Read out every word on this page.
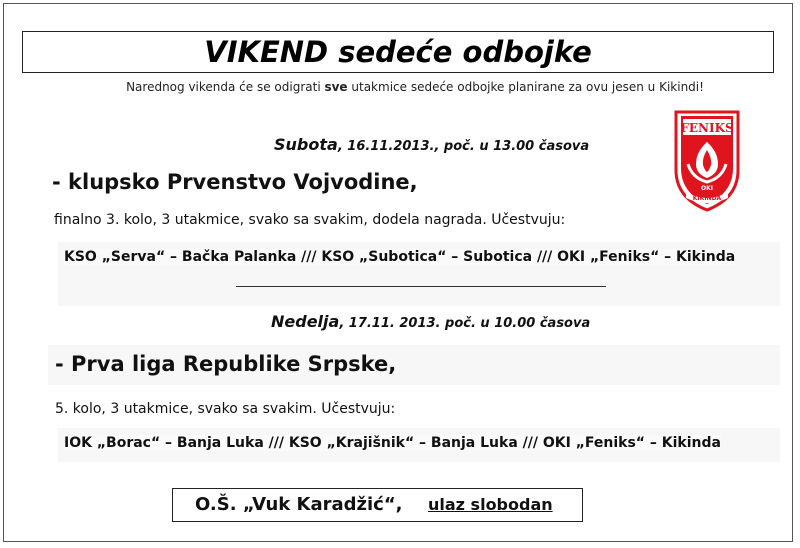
VIKEND sedeće odbojke
Narednog vikenda će se odigrati sve utakmice sedeće odbojke planirane za ovu jesen u Kikindi!
FENIKS
OKI
KIKINDA
Subota, 16.11.2013., poč. u 13.00 časova
- klupsko Prvenstvo Vojvodine,
finalno 3. kolo, 3 utakmice, svako sa svakim, dodela nagrada. Učestvuju:
KSO „Serva“ – Bačka Palanka /// KSO „Subotica“ – Subotica /// OKI „Feniks“ – Kikinda
Nedelja, 17.11. 2013. poč. u 10.00 časova
- Prva liga Republike Srpske,
5. kolo, 3 utakmice, svako sa svakim. Učestvuju:
IOK „Borac“ – Banja Luka /// KSO „Krajišnik“ – Banja Luka /// OKI „Feniks“ – Kikinda
O.Š. „Vuk Karadžić“, ulaz slobodan
